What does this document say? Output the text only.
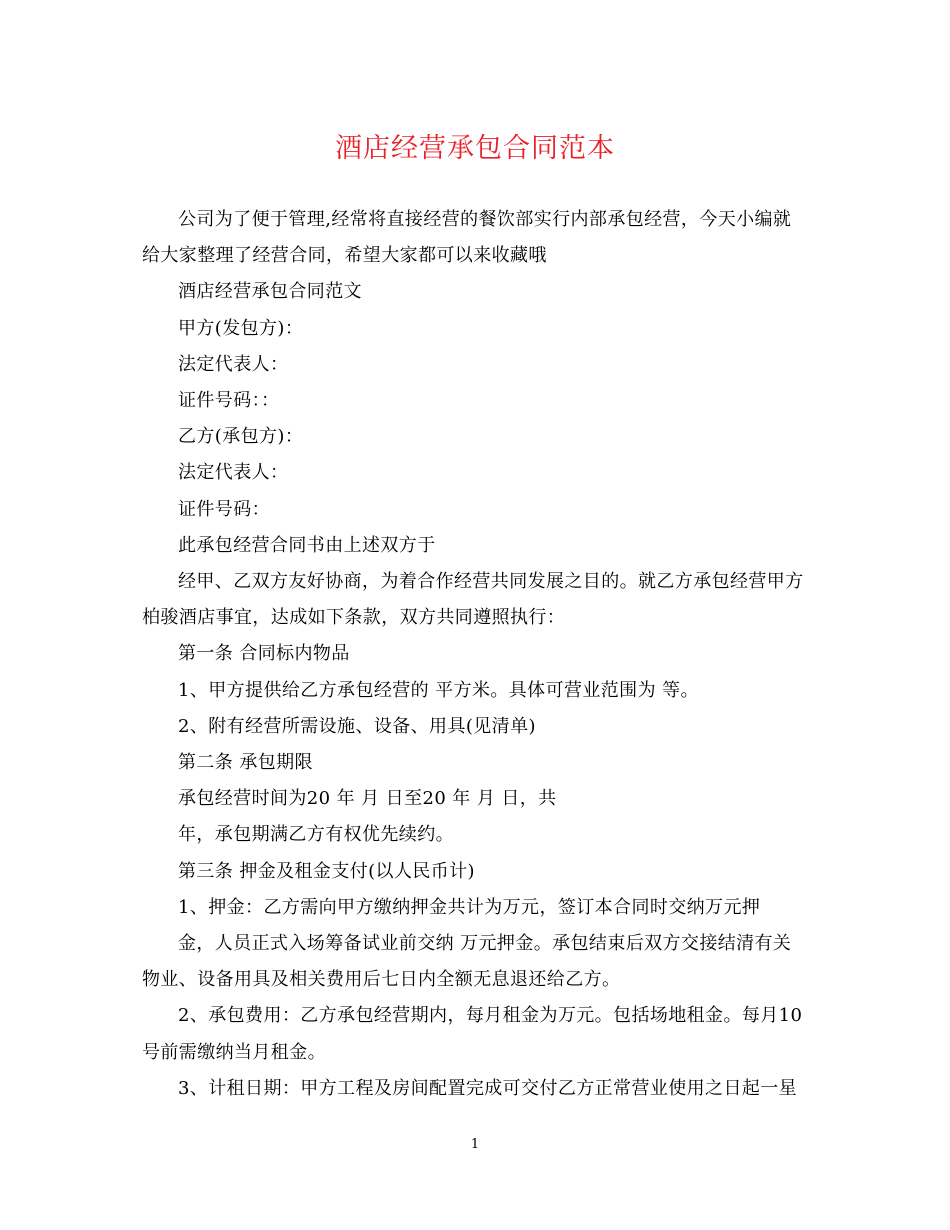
酒店经营承包合同范本

公司为了便于管理,经常将直接经营的餐饮部实行内部承包经营，今天小编就
给大家整理了经营合同，希望大家都可以来收藏哦

酒店经营承包合同范文

甲方(发包方)：

法定代表人：

证件号码：：

乙方(承包方)：

法定代表人：

证件号码：

此承包经营合同书由上述双方于

经甲、乙双方友好协商，为着合作经营共同发展之目的。就乙方承包经营甲方
柏骏酒店事宜，达成如下条款，双方共同遵照执行：

第一条 合同标内物品

1、甲方提供给乙方承包经营的 平方米。具体可营业范围为 等。

2、附有经营所需设施、设备、用具(见清单)

第二条 承包期限

承包经营时间为20 年 月 日至20 年 月 日，共

年，承包期满乙方有权优先续约。

第三条 押金及租金支付(以人民币计)

1、押金：乙方需向甲方缴纳押金共计为万元，签订本合同时交纳万元押

金，人员正式入场筹备试业前交纳 万元押金。承包结束后双方交接结清有关
物业、设备用具及相关费用后七日内全额无息退还给乙方。

2、承包费用：乙方承包经营期内，每月租金为万元。包括场地租金。每月10
号前需缴纳当月租金。

3、计租日期：甲方工程及房间配置完成可交付乙方正常营业使用之日起一星

1
